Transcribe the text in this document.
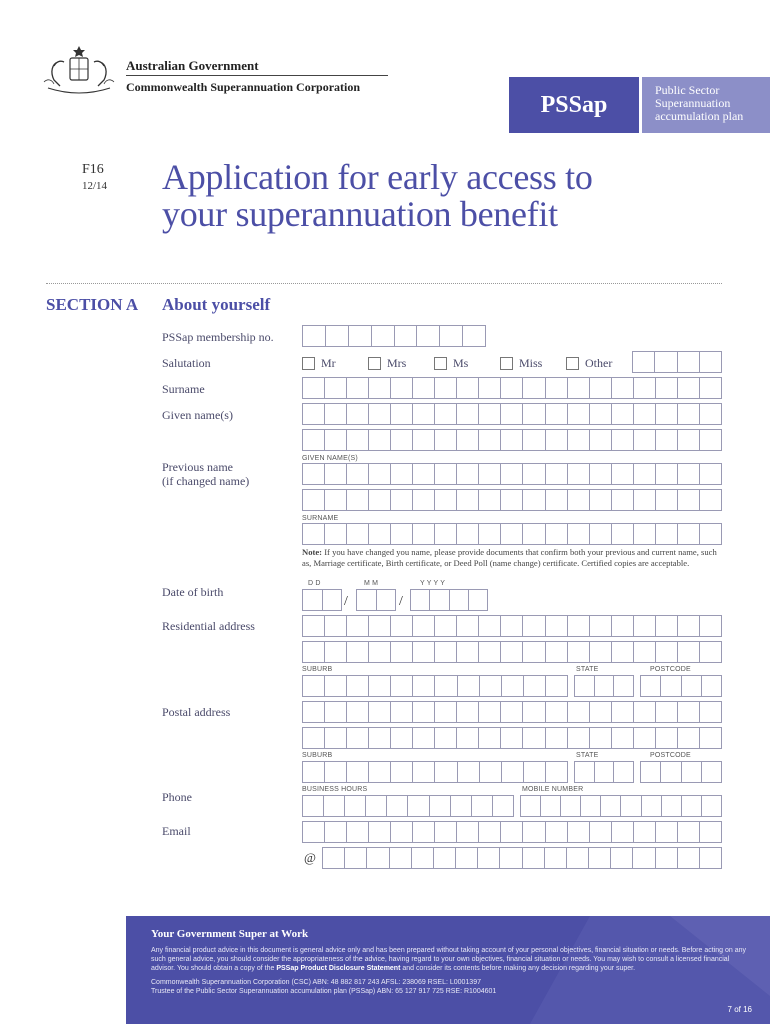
Australian Government
Commonwealth Superannuation Corporation
PSSap
Public Sector
Superannuation
accumulation plan
F16
12/14 Application for early access to
your superannuation benefit
SECTION A About yourself
PSSap membership no.
Salutation	Mr	Mrs	Ms	Miss	Other
Surname
Given name(s)
GIVEN NAME(S)
Previous name
(if changed name)
SURNAME
Note: If you have changed you name, please provide documents that confirm both your previous and current name, such as, Marriage certificate, Birth certificate, or Deed Poll (name change) certificate. Certified copies are acceptable.
D D	M M	Y Y Y Y
Date of birth
/	/
Residential address
SUBURB	STATE	POSTCODE
Postal address
SUBURB	STATE	POSTCODE
BUSINESS HOURS	MOBILE NUMBER
Phone
Email
@
Your Government Super at Work
Any financial product advice in this document is general advice only and has been prepared without taking account of your personal objectives, financial situation or needs. Before acting on any such general advice, you should consider the appropriateness of the advice, having regard to your own objectives, financial situation or needs. You may wish to consult a licensed financial advisor. You should obtain a copy of the PSSap Product Disclosure Statement and consider its contents before making any decision regarding your super.
Commonwealth Superannuation Corporation (CSC) ABN: 48 882 817 243 AFSL: 238069 RSEL: L0001397
Trustee of the Public Sector Superannuation accumulation plan (PSSap) ABN: 65 127 917 725 RSE: R1004601
7 of 16
